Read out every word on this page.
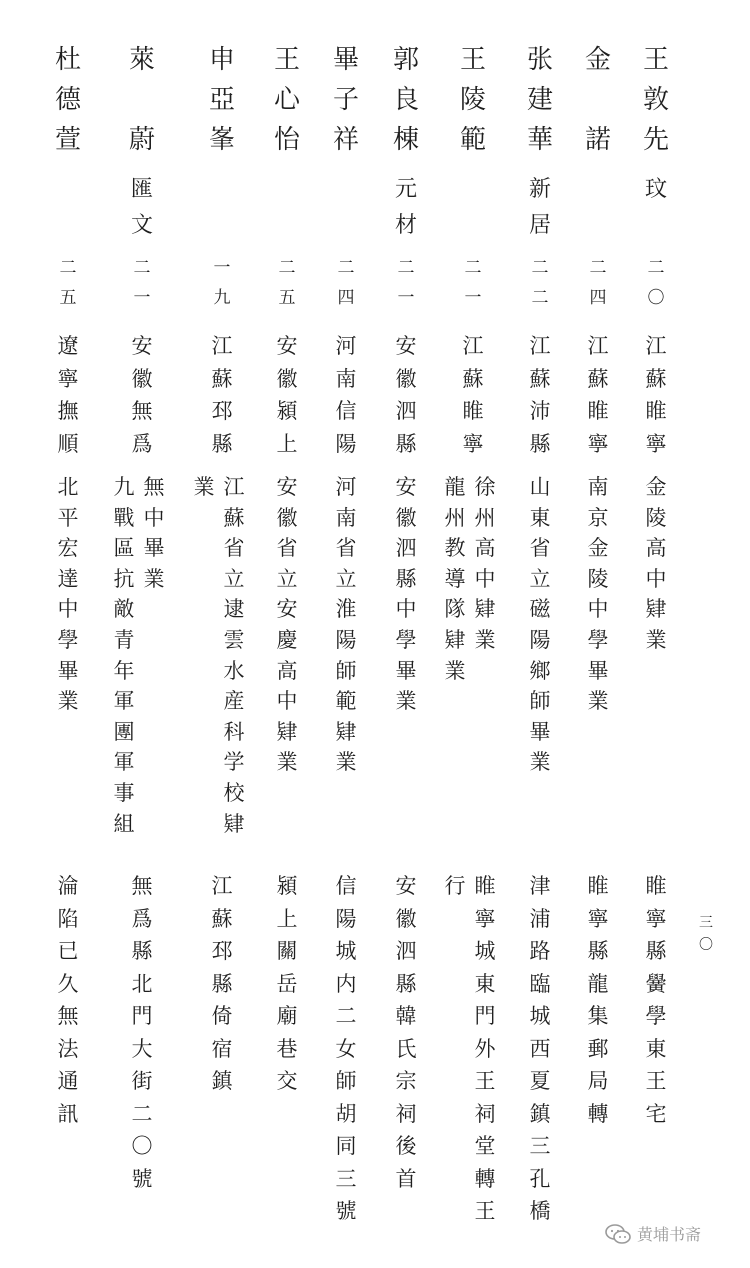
王
敦
先
玟
二
〇
江
蘇
睢
寧
金
陵
高
中
肄
業
睢
寧
縣
黌
學
東
王
宅
金

諾
二
四
江
蘇
睢
寧
南
京
金
陵
中
學
畢
業
睢
寧
縣
龍
集
郵
局
轉
张
建
華
新
居
二
二
江
蘇
沛
縣
山
東
省
立
磁
陽
鄉
師
畢
業
津
浦
路
臨
城
西
夏
鎮
三
孔
橋
王
陵
範
二
一
江
蘇
睢
寧
徐
州
高
中
肄
業
龍
州
教
導
隊
肄
業
睢
寧
城
東
門
外
王
祠
堂
轉
王
行
郭
良
棟
元
材
二
一
安
徽
泗
縣
安
徽
泗
縣
中
學
畢
業
安
徽
泗
縣
韓
氏
宗
祠
後
首
畢
子
祥
二
四
河
南
信
陽
河
南
省
立
淮
陽
師
範
肄
業
信
陽
城
内
二
女
師
胡
同
三
號
王
心
怡
二
五
安
徽
潁
上
安
徽
省
立
安
慶
高
中
肄
業
潁
上
關
岳
廟
巷
交
申
亞
峯
一
九
江
蘇
邳
縣
江
蘇
省
立
逮
雲
水
産
科
学
校
肄
業
江
蘇
邳
縣
倚
宿
鎮
萊

蔚
匯
文
二
一
安
徽
無
爲
無
中
畢
業
九
戰
區
抗
敵
青
年
軍
團
軍
事
組
無
爲
縣
北
門
大
街
二
〇
號
杜
德
萱
二
五
遼
寧
撫
順
北
平
宏
達
中
學
畢
業
淪
陷
已
久
無
法
通
訊
三
〇
黄埔书斋
